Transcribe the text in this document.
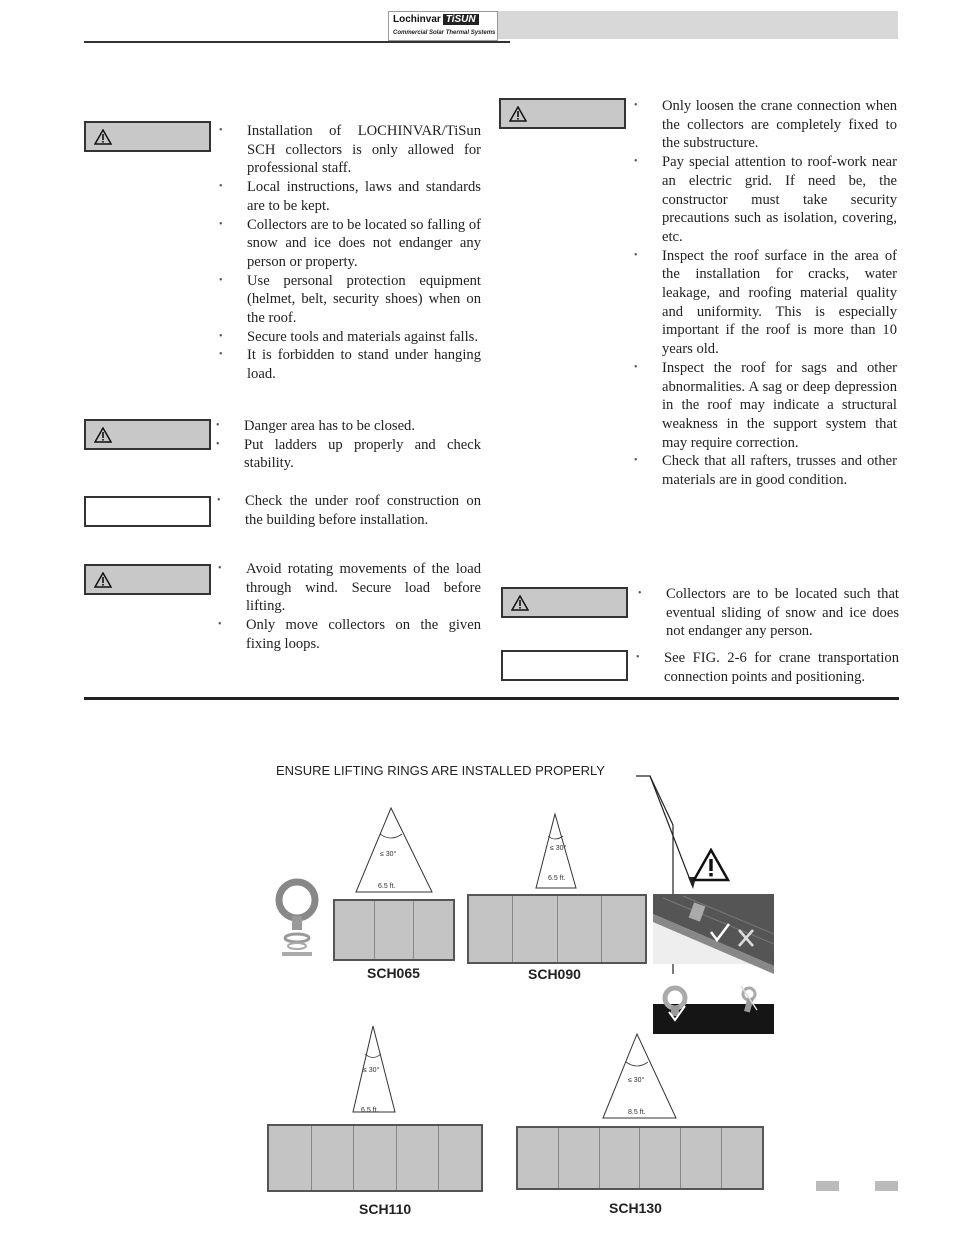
Lochinvar TiSUN
Commercial Solar Thermal Systems
• Installation of LOCHINVAR/TiSun SCH collectors is only allowed for professional staff.
• Local instructions, laws and standards are to be kept.
• Collectors are to be located so falling of snow and ice does not endanger any person or property.
• Use personal protection equipment (helmet, belt, security shoes) when on the roof.
• Secure tools and materials against falls.
• It is forbidden to stand under hanging load.
• Danger area has to be closed.
• Put ladders up properly and check stability.
• Check the under roof construction on the building before installation.
• Avoid rotating movements of the load through wind. Secure load before lifting.
• Only move collectors on the given fixing loops.
• Only loosen the crane connection when the collectors are completely fixed to the substructure.
• Pay special attention to roof-work near an electric grid. If need be, the constructor must take security precautions such as isolation, covering, etc.
• Inspect the roof surface in the area of the installation for cracks, water leakage, and roofing material quality and uniformity. This is especially important if the roof is more than 10 years old.
• Inspect the roof for sags and other abnormalities. A sag or deep depression in the roof may indicate a structural weakness in the support system that may require correction.
• Check that all rafters, trusses and other materials are in good condition.
• Collectors are to be located such that eventual sliding of snow and ice does not endanger any person.
• See FIG. 2-6 for crane transportation connection points and positioning.
ENSURE LIFTING RINGS ARE INSTALLED PROPERLY
≤ 30°
6.5 ft.
≤ 30°
6.5 ft.
≤ 30°
6.5 ft.
≤ 30°
8.5 ft.
SCH065	SCH090
SCH110	SCH130
